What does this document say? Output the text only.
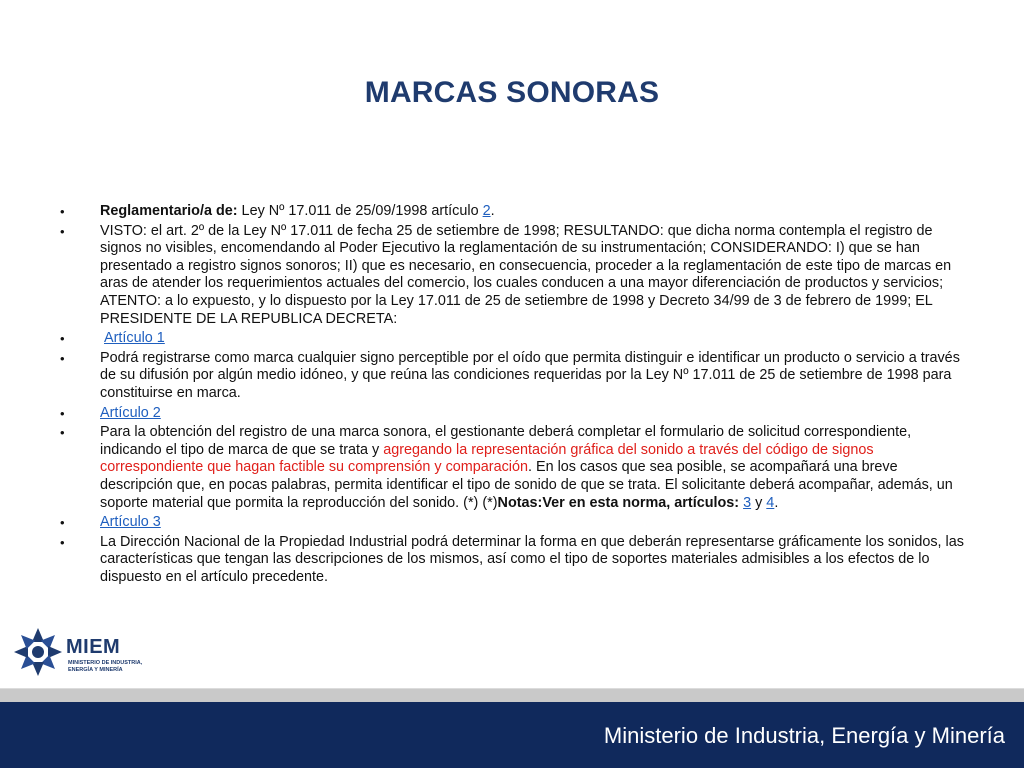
MARCAS SONORAS
•	Reglamentario/a de: Ley Nº 17.011 de 25/09/1998 artículo 2.
•	VISTO: el art. 2º de la Ley Nº 17.011 de fecha 25 de setiembre de 1998; RESULTANDO: que dicha norma contempla el registro de signos no visibles, encomendando al Poder Ejecutivo la reglamentación de su instrumentación; CONSIDERANDO: I) que se han presentado a registro signos sonoros; II) que es necesario, en consecuencia, proceder a la reglamentación de este tipo de marcas en aras de atender los requerimientos actuales del comercio, los cuales conducen a una mayor diferenciación de productos y servicios; ATENTO: a lo expuesto, y lo dispuesto por la Ley 17.011 de 25 de setiembre de 1998 y Decreto 34/99 de 3 de febrero de 1999; EL PRESIDENTE DE LA REPUBLICA DECRETA:
•	Artículo 1
•	Podrá registrarse como marca cualquier signo perceptible por el oído que permita distinguir e identificar un producto o servicio a través de su difusión por algún medio idóneo, y que reúna las condiciones requeridas por la Ley Nº 17.011 de 25 de setiembre de 1998 para constituirse en marca.
•	Artículo 2
•	Para la obtención del registro de una marca sonora, el gestionante deberá completar el formulario de solicitud correspondiente, indicando el tipo de marca de que se trata y agregando la representación gráfica del sonido a través del código de signos correspondiente que hagan factible su comprensión y comparación. En los casos que sea posible, se acompañará una breve descripción que, en pocas palabras, permita identificar el tipo de sonido de que se trata. El solicitante deberá acompañar, además, un soporte material que pormita la reproducción del sonido. (*) (*)Notas:Ver en esta norma, artículos: 3 y 4.
•	Artículo 3
•	La Dirección Nacional de la Propiedad Industrial podrá determinar la forma en que deberán representarse gráficamente los sonidos, las características que tengan las descripciones de los mismos, así como el tipo de soportes materiales admisibles a los efectos de lo dispuesto en el artículo precedente.
MIEM
MINISTERIO DE INDUSTRIA, ENERGÍA Y MINERÍA
Ministerio de Industria, Energía y Minería
